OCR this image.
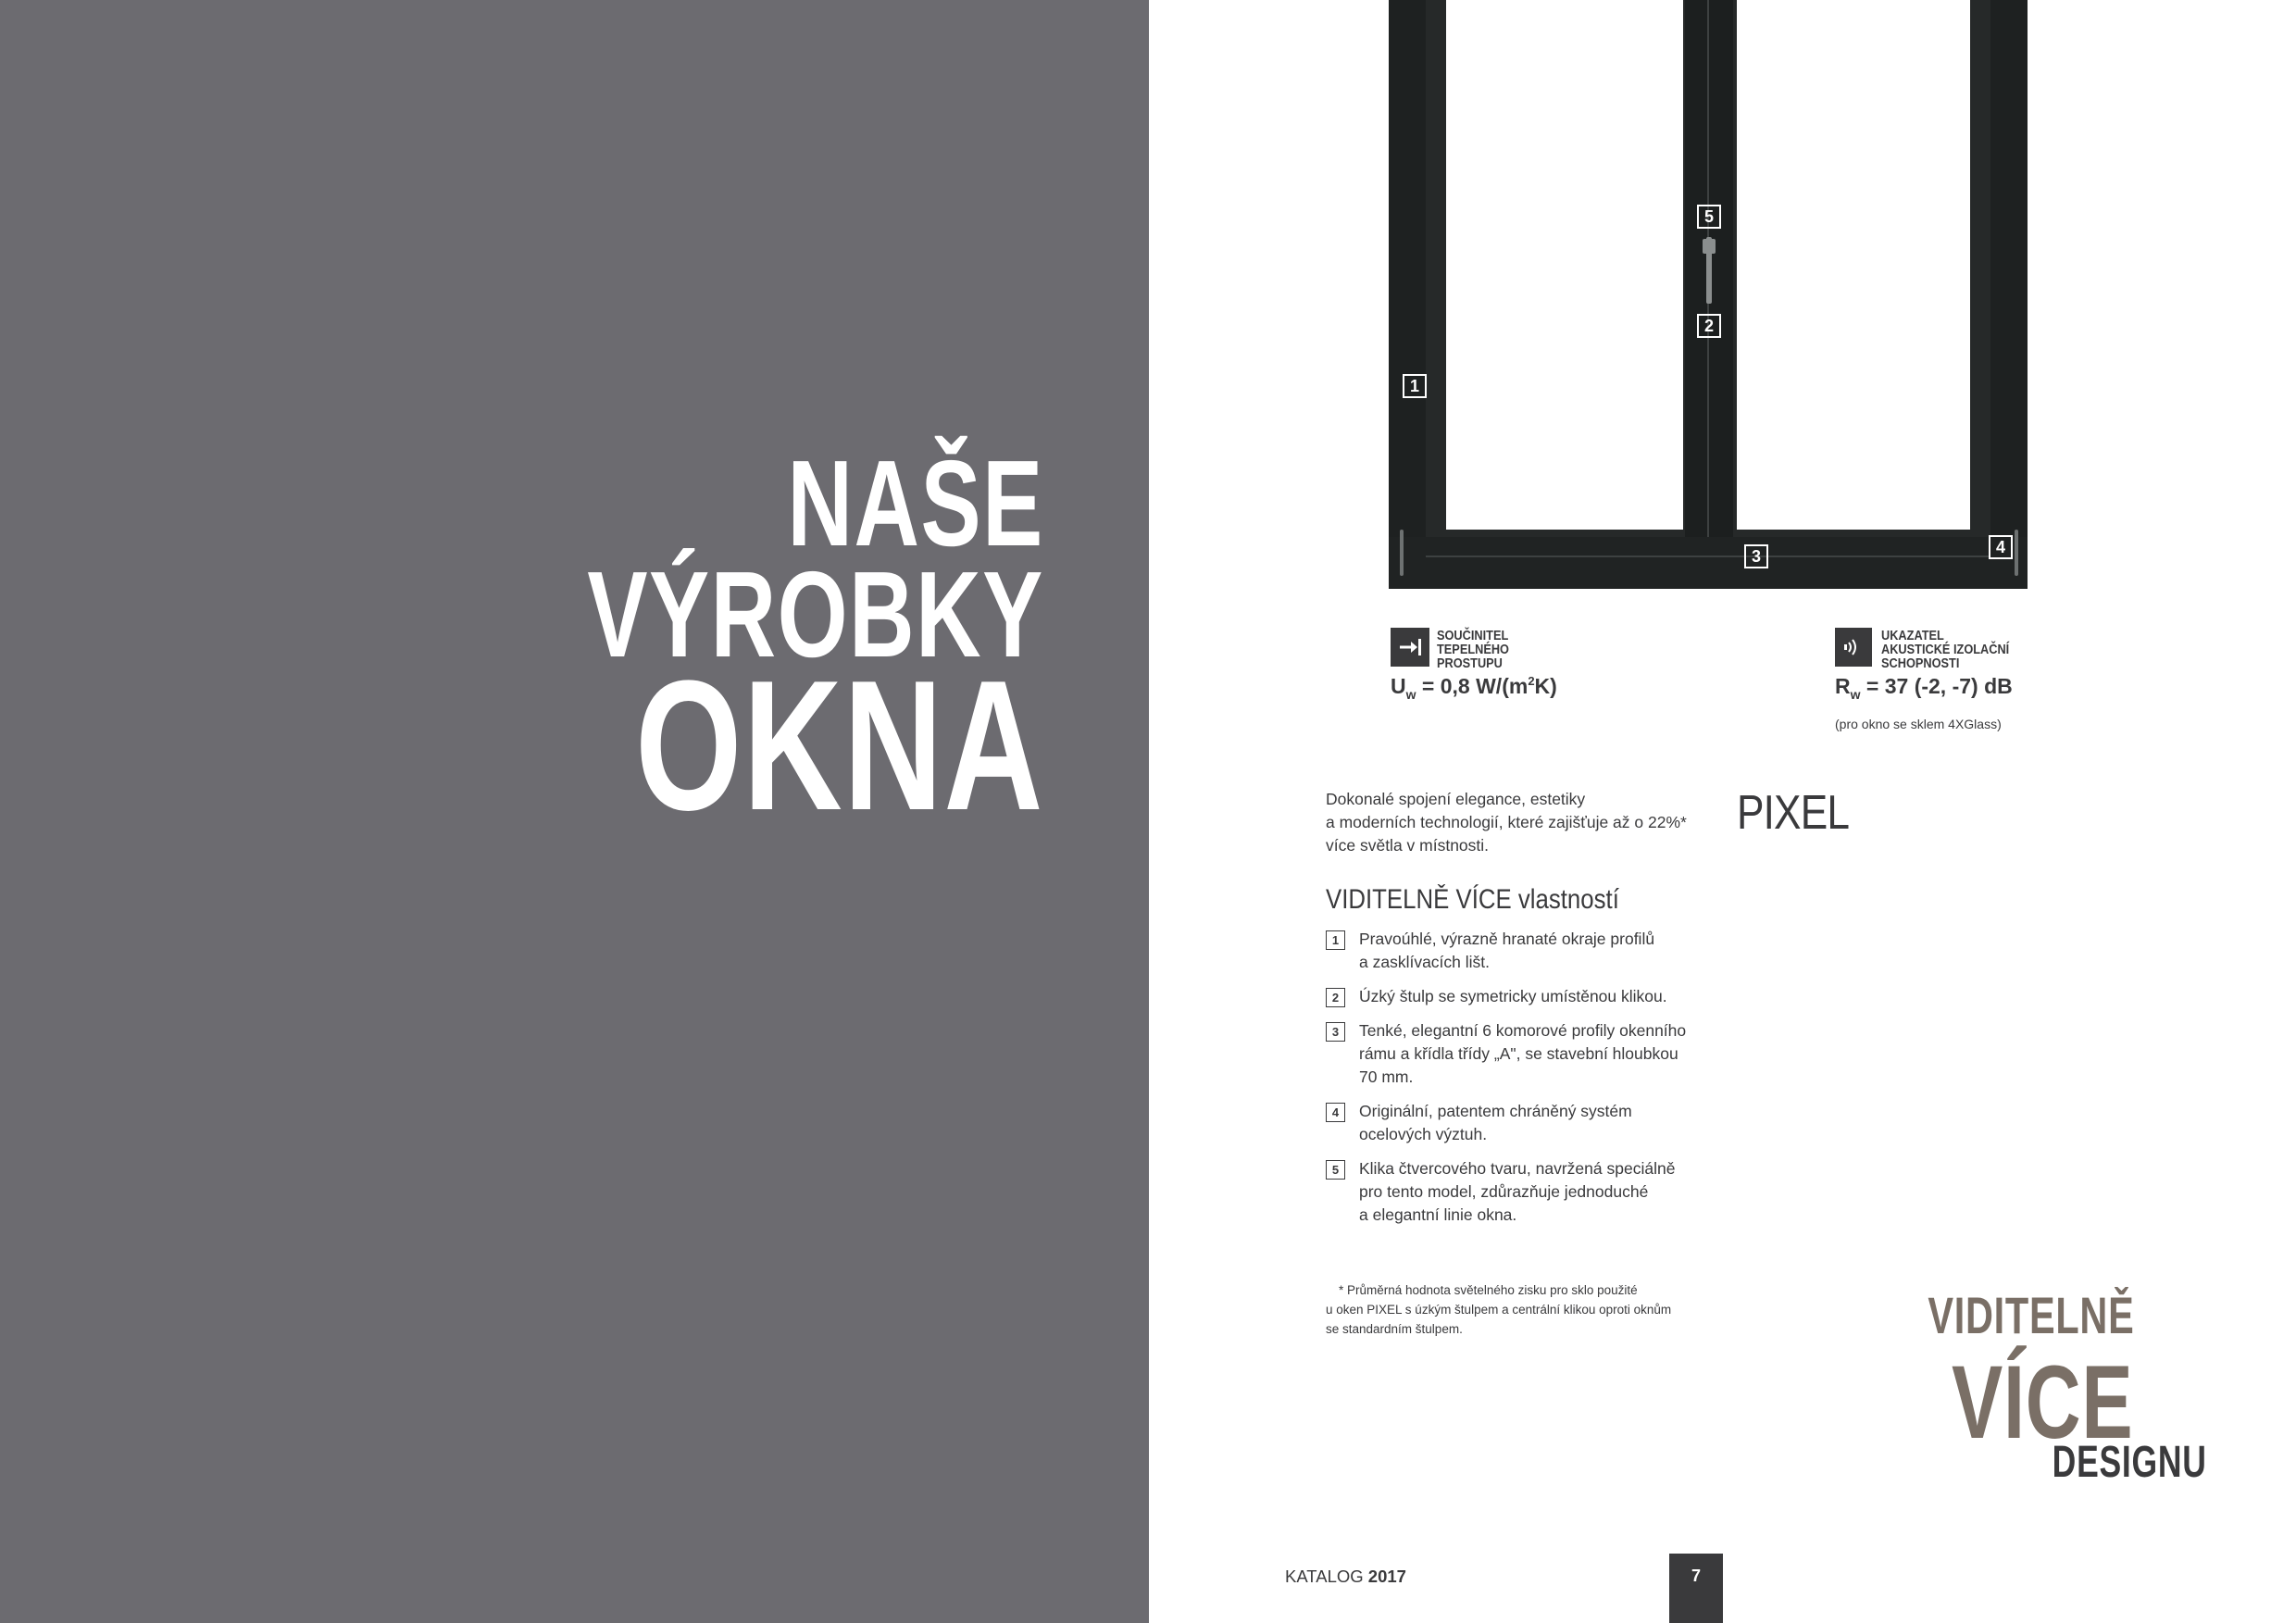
NAŠE
VÝROBKY
OKNA
5
2
1
3	4
SOUČINITEL
TEPELNÉHO
PROSTUPU
$U_w = 0,8$ $W/(m^2K)$
UKAZATEL
AKUSTICKÉ IZOLAČNÍ
SCHOPNOSTI
$R_w = 37$ (-2, -7) dB
(pro okno se sklem 4XGlass)
Dokonalé spojení elegance, estetiky
a moderních technologií, které zajišťuje až o 22%*
více světla v místnosti.
PIXEL
VIDITELNĚ VÍCE vlastností
1	Pravoúhlé, výrazně hranaté okraje profilů
a zasklívacích lišt.
2	Úzký štulp se symetricky umístěnou klikou.
3	Tenké, elegantní 6 komorové profily okenního
rámu a křídla třídy „A", se stavební hloubkou
70 mm.
4	Originální, patentem chráněný systém
ocelových výztuh.
5	Klika čtvercového tvaru, navržená speciálně
pro tento model, zdůrazňuje jednoduché
a elegantní linie okna.
* Průměrná hodnota světelného zisku pro sklo použité
u oken PIXEL s úzkým štulpem a centrální klikou oproti oknům
se standardním štulpem.	VIDITELNĚ
VÍCE
DESIGNU
KATALOG 2017	7
